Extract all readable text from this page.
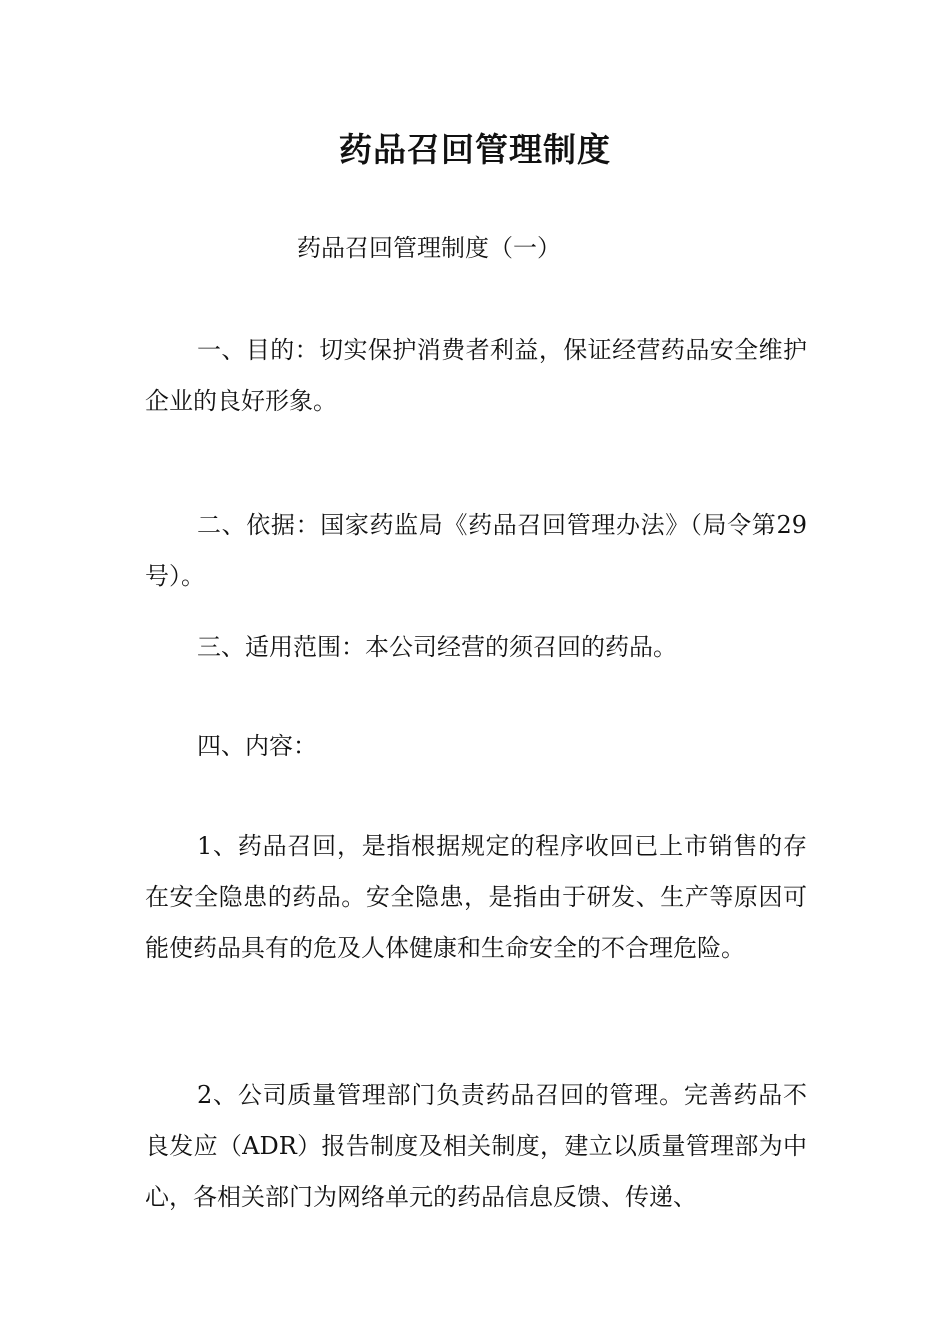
药品召回管理制度
药品召回管理制度（一）

一、目的：切实保护消费者利益，保证经营药品安全维护企业的良好形象。

二、依据：国家药监局《药品召回管理办法》（局令第29号）。

三、适用范围：本公司经营的须召回的药品。

四、内容：

1、药品召回，是指根据规定的程序收回已上市销售的存在安全隐患的药品。安全隐患，是指由于研发、生产等原因可能使药品具有的危及人体健康和生命安全的不合理危险。

2、公司质量管理部门负责药品召回的管理。完善药品不良发应（ADR）报告制度及相关制度，建立以质量管理部为中心，各相关部门为网络单元的药品信息反馈、传递、
